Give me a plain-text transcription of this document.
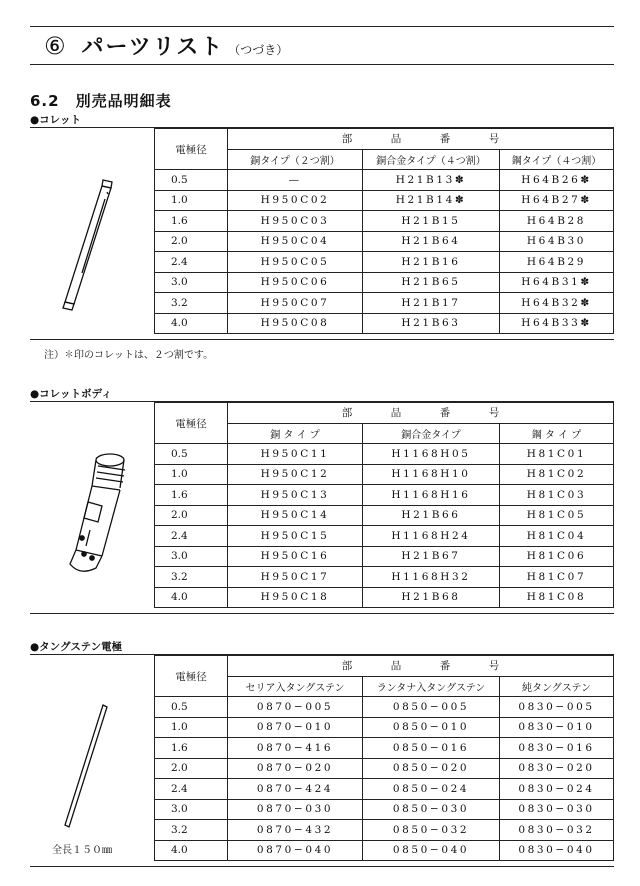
⑥ パーツリスト （つづき）
6.2　別売品明細表
●コレット
電極径	部　品　番　号		
	銅タイプ（２つ割）	銅合金タイプ（４つ割）	鋼タイプ（４つ割）
0.5	—	H21B13✽	H64B26✽
1.0	H950C02	H21B14✽	H64B27✽
1.6	H950C03	H21B15	H64B28
2.0	H950C04	H21B64	H64B30
2.4	H950C05	H21B16	H64B29
3.0	H950C06	H21B65	H64B31✽
3.2	H950C07	H21B17	H64B32✽
4.0	H950C08	H21B63	H64B33✽
注）✽印のコレットは、２つ割です。
●コレットボディ
電極径	部　品　番　号		
	銅 タ イ プ	銅合金タイプ	鋼 タ イ プ
0.5	H950C11	H1168H05	H81C01
1.0	H950C12	H1168H10	H81C02
1.6	H950C13	H1168H16	H81C03
2.0	H950C14	H21B66	H81C05
2.4	H950C15	H1168H24	H81C04
3.0	H950C16	H21B67	H81C06
3.2	H950C17	H1168H32	H81C07
4.0	H950C18	H21B68	H81C08
●タングステン電極
全長１５０㎜
電極径	部　品　番　号		
	セリア入タングステン	ランタナ入タングステン	純タングステン
0.5	0870−005	0850−005	0830−005
1.0	0870−010	0850−010	0830−010
1.6	0870−416	0850−016	0830−016
2.0	0870−020	0850−020	0830−020
2.4	0870−424	0850−024	0830−024
3.0	0870−030	0850−030	0830−030
3.2	0870−432	0850−032	0830−032
4.0	0870−040	0850−040	0830−040
